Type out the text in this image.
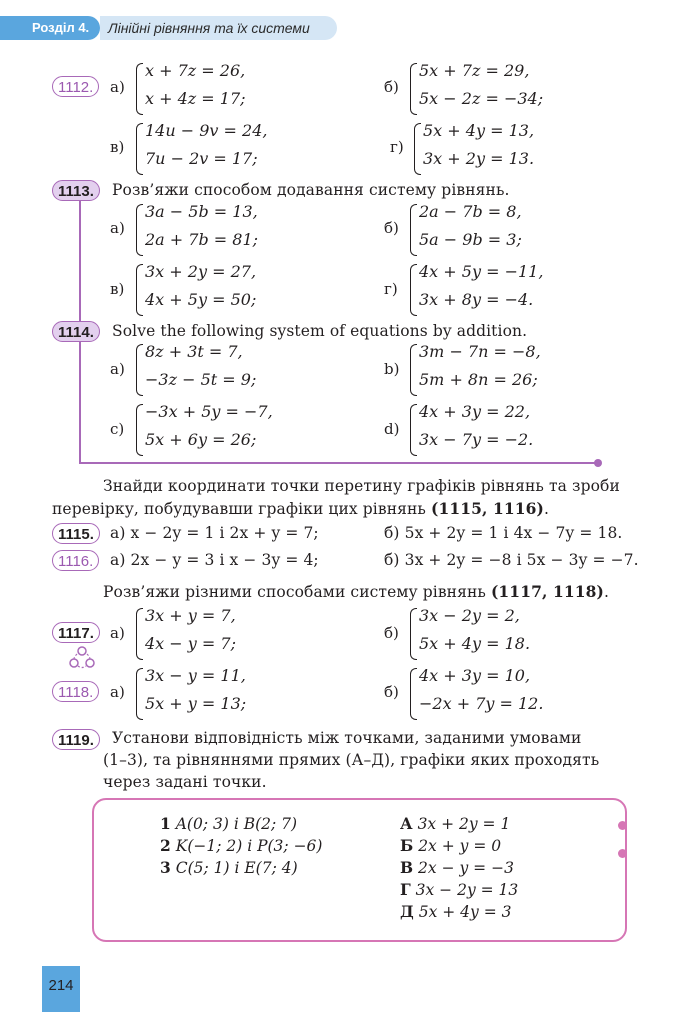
Розділ 4.	Лінійні рівняння та їх системи
1112.	а)
x + 7z = 26,
x + 4z = 17;
б)
5x + 7z = 29,
5x − 2z = −34;
в)
14u − 9v = 24,
7u − 2v = 17;
г)
5x + 4y = 13,
3x + 2y = 13.
1113.	Розв’яжи способом додавання систему рівнянь.
а)
3a − 5b = 13,
2a + 7b = 81;
б)
2a − 7b = 8,
5a − 9b = 3;
в)
3x + 2y = 27,
4x + 5y = 50;
г)
4x + 5y = −11,
3x + 8y = −4.
1114.	Solve the following system of equations by addition.
a)
8z + 3t = 7,
−3z − 5t = 9;
b)
3m − 7n = −8,
5m + 8n = 26;
c)
−3x + 5y = −7,
5x + 6y = 26;
d)
4x + 3y = 22,
3x − 7y = −2.
Знайди координати точки перетину графіків рівнянь та зроби
перевірку, побудувавши графіки цих рівнянь (1115, 1116).
1115.	а) x − 2y = 1 і 2x + y = 7;	б) 5x + 2y = 1 і 4x − 7y = 18.
1116.	а) 2x − y = 3 і x − 3y = 4;	б) 3x + 2y = −8 і 5x − 3y = −7.
Розв’яжи різними способами систему рівнянь (1117, 1118).
1117.	а)
3x + y = 7,
4x − y = 7;
б)
3x − 2y = 2,
5x + 4y = 18.
1118.	а)
3x − y = 11,
5x + y = 13;
б)
4x + 3y = 10,
−2x + 7y = 12.
1119.	Установи відповідність між точками, заданими умовами
(1–3), та рівняннями прямих (А–Д), графіки яких проходять
через задані точки.
1 A(0; 3) і B(2; 7)
2 K(−1; 2) і P(3; −6)
3 C(5; 1) і E(7; 4)
А 3x + 2y = 1
Б 2x + y = 0
В 2x − y = −3
Г 3x − 2y = 13
Д 5x + 4y = 3
214
